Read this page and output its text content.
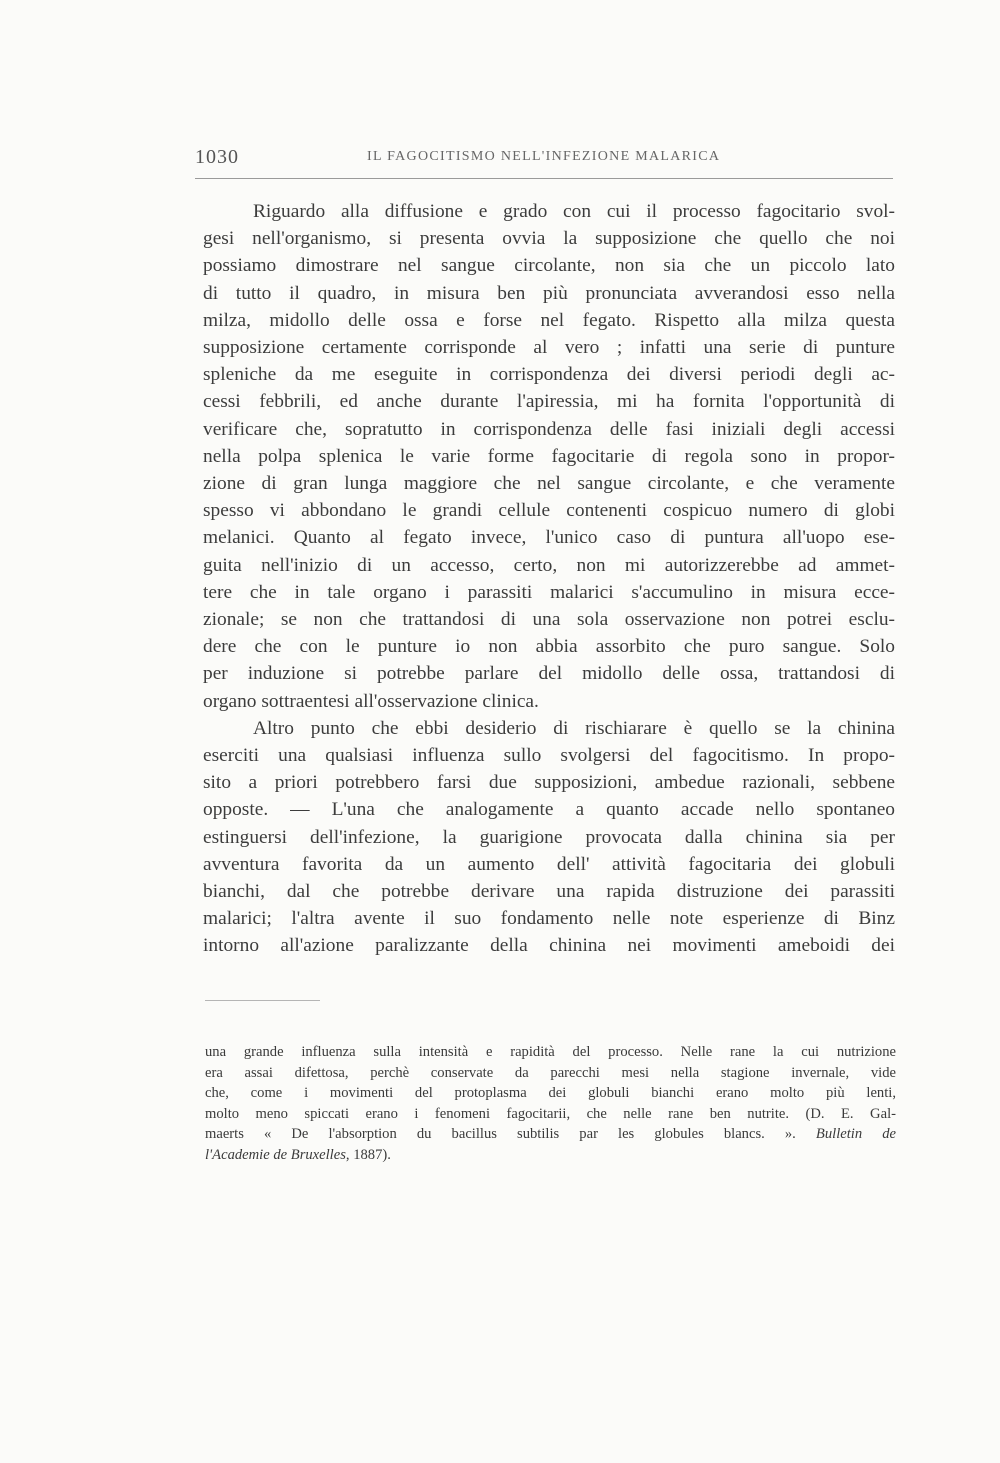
1030	IL FAGOCITISMO NELL'INFEZIONE MALARICA
Riguardo alla diffusione e grado con cui il processo fagocitario svol-
gesi nell'organismo, si presenta ovvia la supposizione che quello che noi
possiamo dimostrare nel sangue circolante, non sia che un piccolo lato
di tutto il quadro, in misura ben più pronunciata avverandosi esso nella
milza, midollo delle ossa e forse nel fegato. Rispetto alla milza questa
supposizione certamente corrisponde al vero ; infatti una serie di punture
spleniche da me eseguite in corrispondenza dei diversi periodi degli ac-
cessi febbrili, ed anche durante l'apiressia, mi ha fornita l'opportunità di
verificare che, sopratutto in corrispondenza delle fasi iniziali degli accessi
nella polpa splenica le varie forme fagocitarie di regola sono in propor-
zione di gran lunga maggiore che nel sangue circolante, e che veramente
spesso vi abbondano le grandi cellule contenenti cospicuo numero di globi
melanici. Quanto al fegato invece, l'unico caso di puntura all'uopo ese-
guita nell'inizio di un accesso, certo, non mi autorizzerebbe ad ammet-
tere che in tale organo i parassiti malarici s'accumulino in misura ecce-
zionale; se non che trattandosi di una sola osservazione non potrei esclu-
dere che con le punture io non abbia assorbito che puro sangue. Solo
per induzione si potrebbe parlare del midollo delle ossa, trattandosi di
organo sottraentesi all'osservazione clinica.
Altro punto che ebbi desiderio di rischiarare è quello se la chinina
eserciti una qualsiasi influenza sullo svolgersi del fagocitismo. In propo-
sito a priori potrebbero farsi due supposizioni, ambedue razionali, sebbene
opposte. — L'una che analogamente a quanto accade nello spontaneo
estinguersi dell'infezione, la guarigione provocata dalla chinina sia per
avventura favorita da un aumento dell' attività fagocitaria dei globuli
bianchi, dal che potrebbe derivare una rapida distruzione dei parassiti
malarici; l'altra avente il suo fondamento nelle note esperienze di Binz
intorno all'azione paralizzante della chinina nei movimenti ameboidi dei
una grande influenza sulla intensità e rapidità del processo. Nelle rane la cui nutrizione
era assai difettosa, perchè conservate da parecchi mesi nella stagione invernale, vide
che, come i movimenti del protoplasma dei globuli bianchi erano molto più lenti,
molto meno spiccati erano i fenomeni fagocitarii, che nelle rane ben nutrite. (D. E. Gal-
maerts « De l'absorption du bacillus subtilis par les globules blancs. ». Bulletin de
l'Academie de Bruxelles, 1887).
